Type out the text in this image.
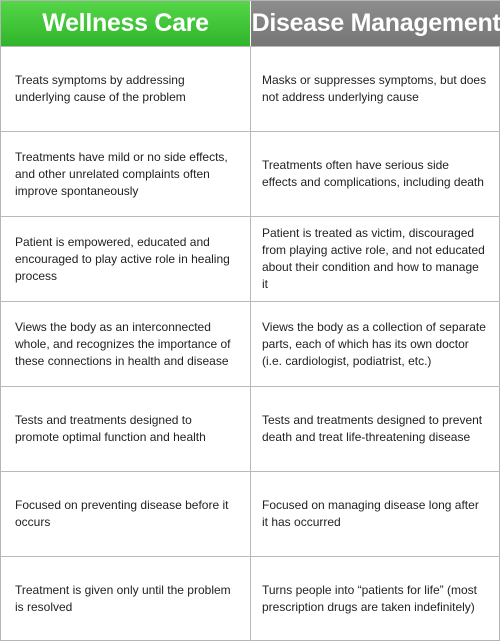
Wellness Care	Disease Management
Treats symptoms by addressing underlying cause of the problem
Masks or suppresses symptoms, but does not address underlying cause
Treatments have mild or no side effects, and other unrelated complaints often improve spontaneously
Treatments often have serious side effects and complications, including death
Patient is empowered, educated and encouraged to play active role in healing process
Patient is treated as victim, discouraged from playing active role, and not educated about their condition and how to manage it
Views the body as an interconnected whole, and recognizes the importance of these connections in health and disease
Views the body as a collection of separate parts, each of which has its own doctor (i.e. cardiologist, podiatrist, etc.)
Tests and treatments designed to promote optimal function and health
Tests and treatments designed to prevent death and treat life-threatening disease
Focused on preventing disease before it occurs
Focused on managing disease long after it has occurred
Treatment is given only until the problem is resolved
Turns people into “patients for life” (most prescription drugs are taken indefinitely)
